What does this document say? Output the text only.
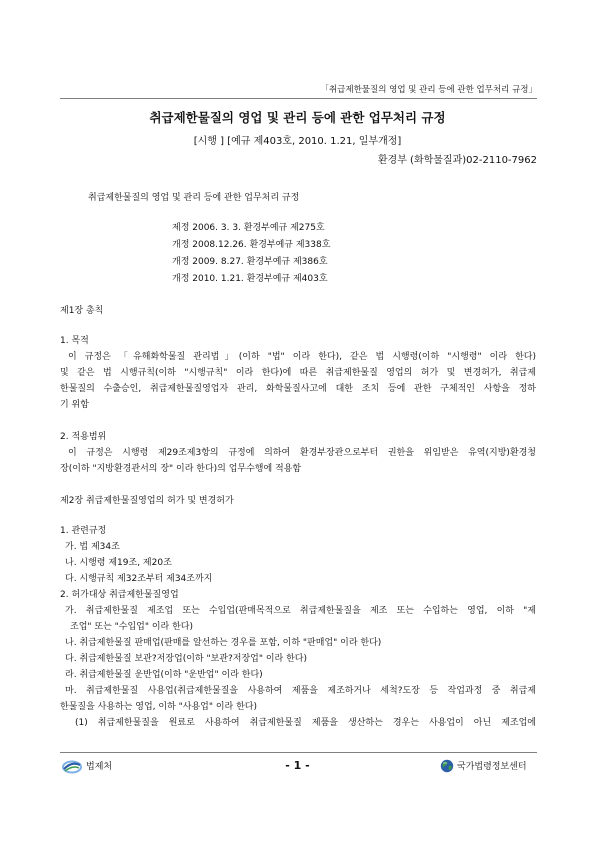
「취급제한물질의 영업 및 관리 등에 관한 업무처리 규정」
취급제한물질의 영업 및 관리 등에 관한 업무처리 규정
[시행 ] [예규 제403호, 2010. 1.21, 일부개정]
환경부 (화학물질과)02-2110-7962
취급제한물질의 영업 및 관리 등에 관한 업무처리 규정
제정 2006. 3. 3. 환경부예규 제275호
개정 2008.12.26. 환경부예규 제338호
개정 2009. 8.27. 환경부예규 제386호
개정 2010. 1.21. 환경부예규 제403호
제1장 총칙
1. 목적
이 규정은 「유해화학물질 관리법」(이하 "법" 이라 한다), 같은 법 시행령(이하 "시행령" 이라 한다)
및 같은 법 시행규칙(이하 "시행규칙" 이라 한다)에 따른 취급제한물질 영업의 허가 및 변경허가, 취급제
한물질의 수출승인, 취급제한물질영업자 관리, 화학물질사고에 대한 조치 등에 관한 구체적인 사항을 정하
기 위함
2. 적용범위
이 규정은 시행령 제29조제3항의 규정에 의하여 환경부장관으로부터 권한을 위임받은 유역(지방)환경청
장(이하 "지방환경관서의 장" 이라 한다)의 업무수행에 적용함
제2장 취급제한물질영업의 허가 및 변경허가
1. 관련규정
가. 법 제34조
나. 시행령 제19조, 제20조
다. 시행규칙 제32조부터 제34조까지
2. 허가대상 취급제한물질영업
가. 취급제한물질 제조업 또는 수입업(판매목적으로 취급제한물질을 제조 또는 수입하는 영업, 이하 "제
조업" 또는 "수입업" 이라 한다)
나. 취급제한물질 판매업(판매를 알선하는 경우를 포함, 이하 "판매업" 이라 한다)
다. 취급제한물질 보관?저장업(이하 "보관?저장업" 이라 한다)
라. 취급제한물질 운반업(이하 "운반업" 이라 한다)
마. 취급제한물질 사용업(취급제한물질을 사용하여 제품을 제조하거나 세척?도장 등 작업과정 중 취급제
한물질을 사용하는 영업, 이하 "사용업" 이라 한다)
(1) 취급제한물질을 원료로 사용하여 취급제한물질 제품을 생산하는 경우는 사용업이 아닌 제조업에
법제처	- 1 -	국가법령정보센터
